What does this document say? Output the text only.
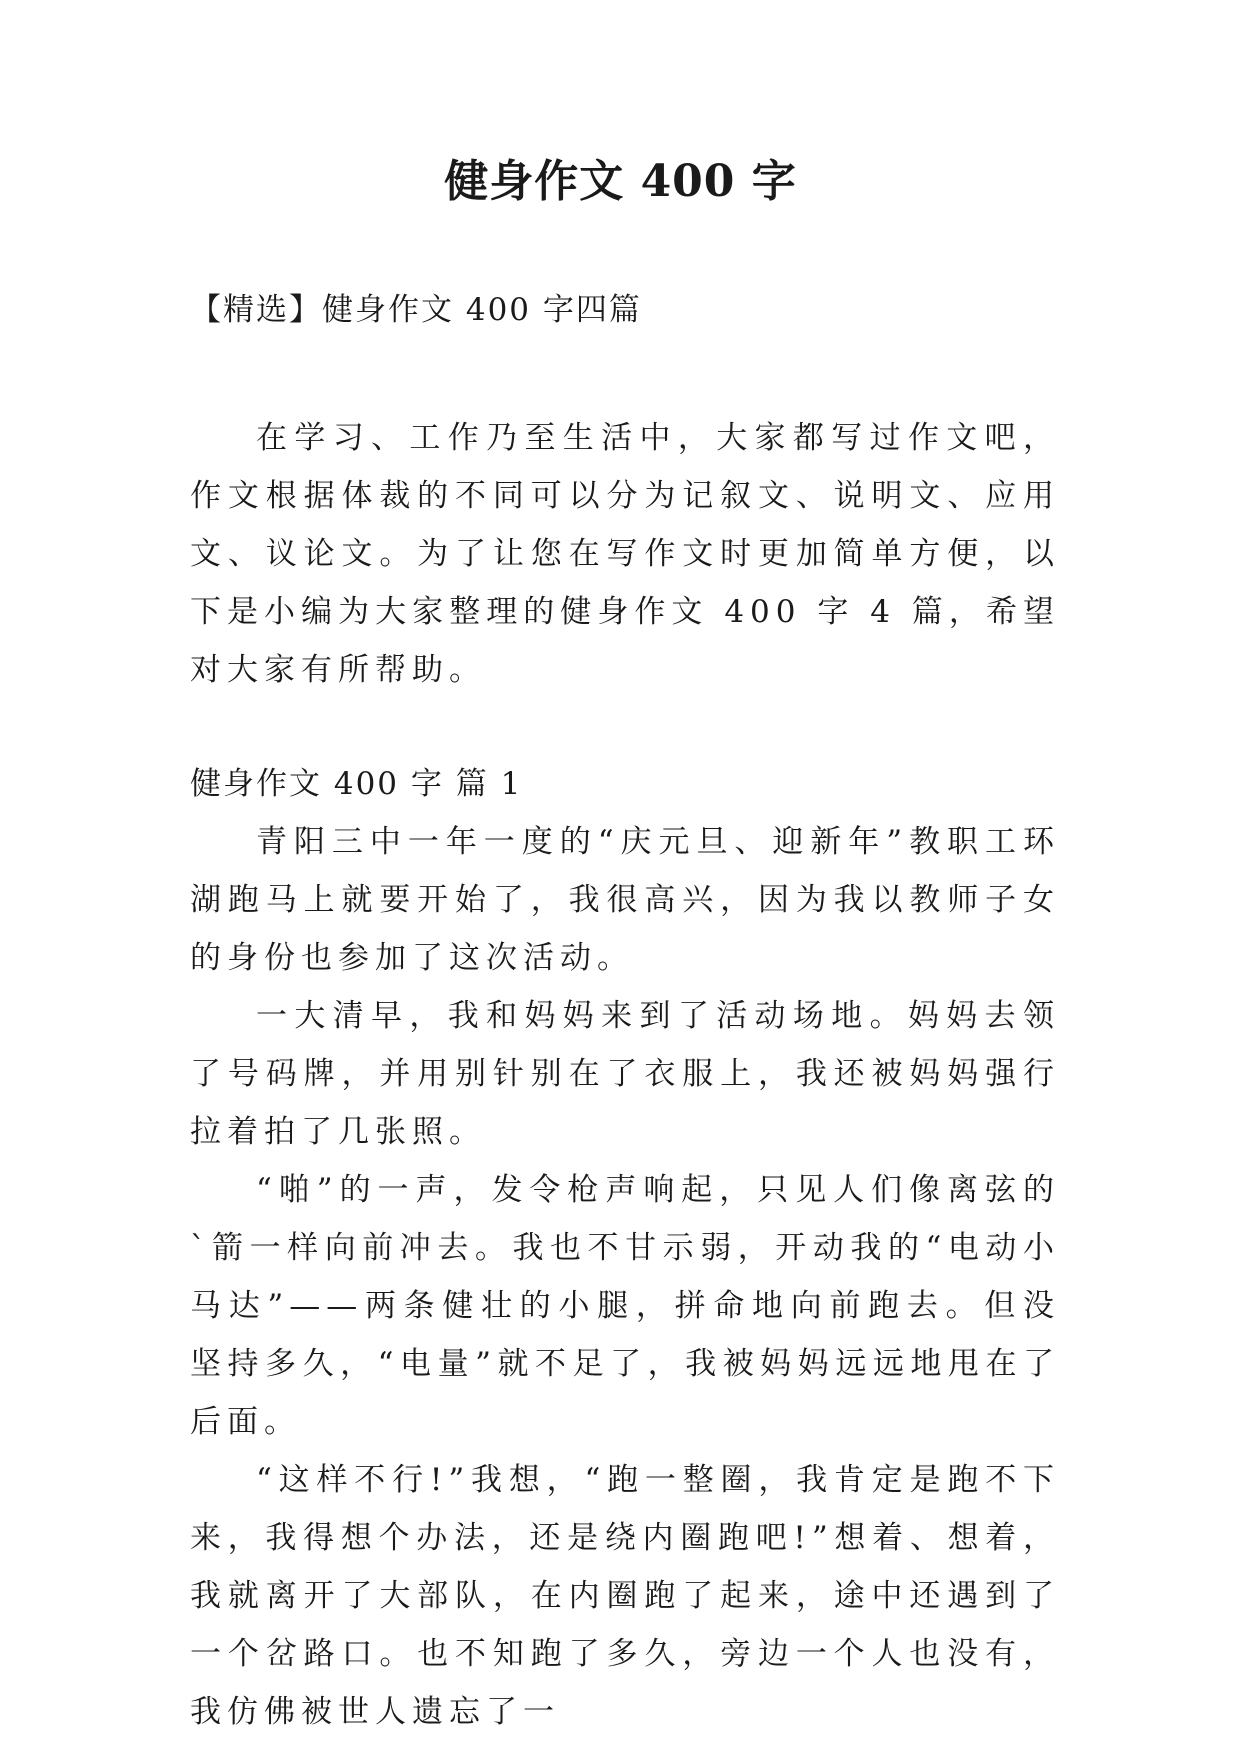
健身作文 400 字
【精选】健身作文 400 字四篇

在学习、工作乃至生活中，大家都写过作文吧，作文根据体裁的不同可以分为记叙文、说明文、应用文、议论文。为了让您在写作文时更加简单方便，以下是小编为大家整理的健身作文 400 字 4 篇，希望对大家有所帮助。

健身作文 400 字 篇 1

青阳三中一年一度的“庆元旦、迎新年”教职工环湖跑马上就要开始了，我很高兴，因为我以教师子女的身份也参加了这次活动。

一大清早，我和妈妈来到了活动场地。妈妈去领了号码牌，并用别针别在了衣服上，我还被妈妈强行拉着拍了几张照。

“啪”的一声，发令枪声响起，只见人们像离弦的`箭一样向前冲去。我也不甘示弱，开动我的“电动小马达”——两条健壮的小腿，拼命地向前跑去。但没坚持多久，“电量”就不足了，我被妈妈远远地甩在了后面。

“这样不行!”我想，“跑一整圈，我肯定是跑不下来，我得想个办法，还是绕内圈跑吧!”想着、想着，我就离开了大部队，在内圈跑了起来，途中还遇到了一个岔路口。也不知跑了多久，旁边一个人也没有，我仿佛被世人遗忘了一
